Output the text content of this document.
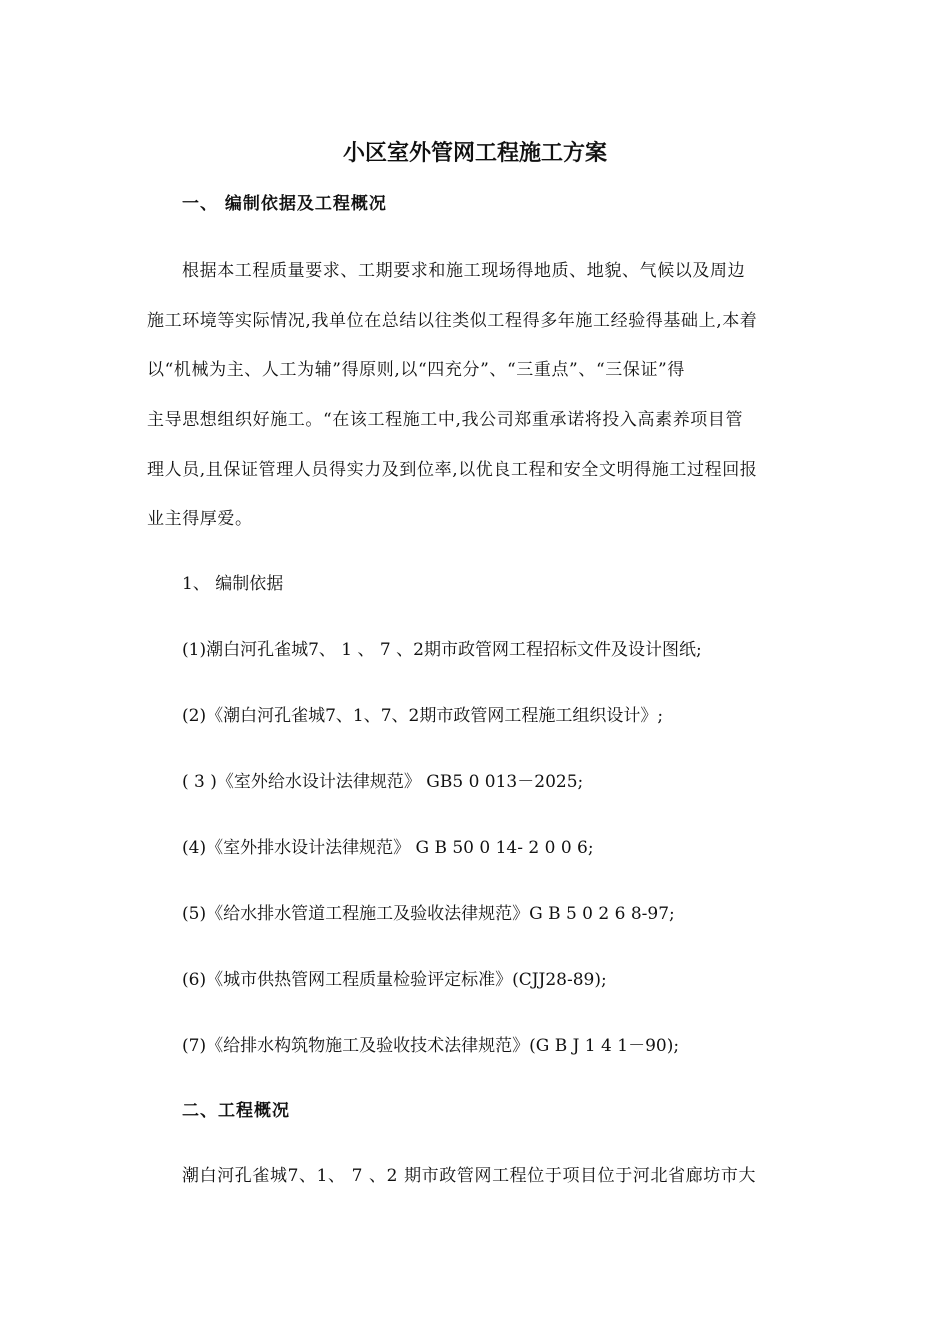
小区室外管网工程施工方案
一、 编制依据及工程概况
根据本工程质量要求、工期要求和施工现场得地质、地貌、气候以及周边
施工环境等实际情况,我单位在总结以往类似工程得多年施工经验得基础上,本着
以“机械为主、人工为辅”得原则,以“四充分”、“三重点”、“三保证”得
主导思想组织好施工。“在该工程施工中,我公司郑重承诺将投入高素养项目管
理人员,且保证管理人员得实力及到位率,以优良工程和安全文明得施工过程回报
业主得厚爱。
1、 编制依据
(1)潮白河孔雀城7、 1 、 7 、2期市政管网工程招标文件及设计图纸;
(2)《潮白河孔雀城7、1、7、2期市政管网工程施工组织设计》;
( 3 )《室外给水设计法律规范》 GB5 0 013－2025;
(4)《室外排水设计法律规范》 G B 50 0 14- 2 0 0 6;
(5)《给水排水管道工程施工及验收法律规范》G B 5 0 2 6 8-97;
(6)《城市供热管网工程质量检验评定标准》(CJJ28-89);
(7)《给排水构筑物施工及验收技术法律规范》(G B J 1 4 1－90);
二、工程概况
潮白河孔雀城7、1、 7 、2 期市政管网工程位于项目位于河北省廊坊市大
